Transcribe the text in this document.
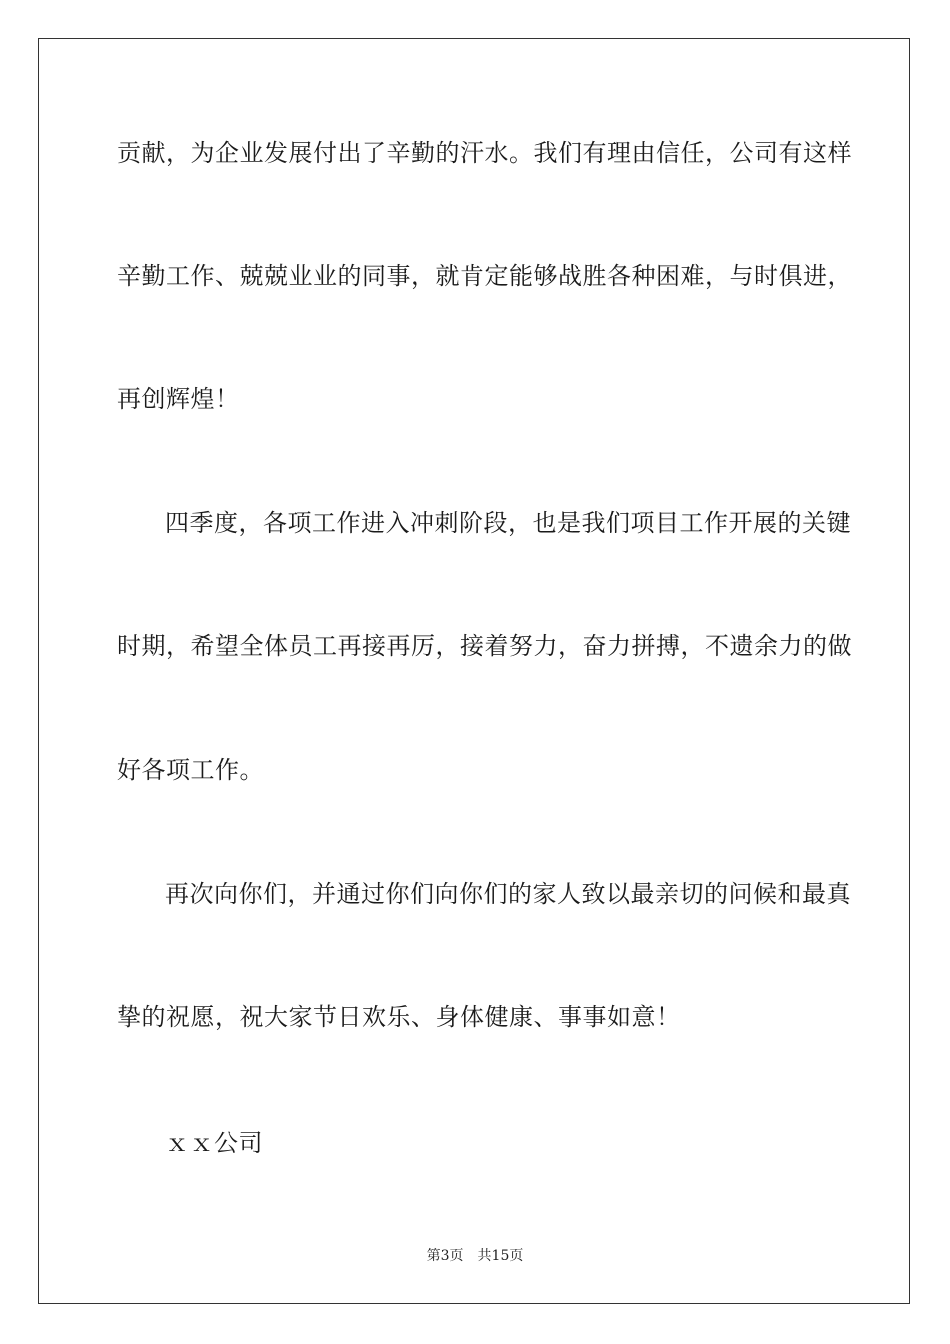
贡献，为企业发展付出了辛勤的汗水。我们有理由信任，公司有这样
辛勤工作、兢兢业业的同事，就肯定能够战胜各种困难，与时俱进，
再创辉煌！
四季度，各项工作进入冲刺阶段，也是我们项目工作开展的关键
时期，希望全体员工再接再厉，接着努力，奋力拼搏，不遗余力的做
好各项工作。
再次向你们，并通过你们向你们的家人致以最亲切的问候和最真
挚的祝愿，祝大家节日欢乐、身体健康、事事如意！
ｘｘ公司
第3页　共15页
